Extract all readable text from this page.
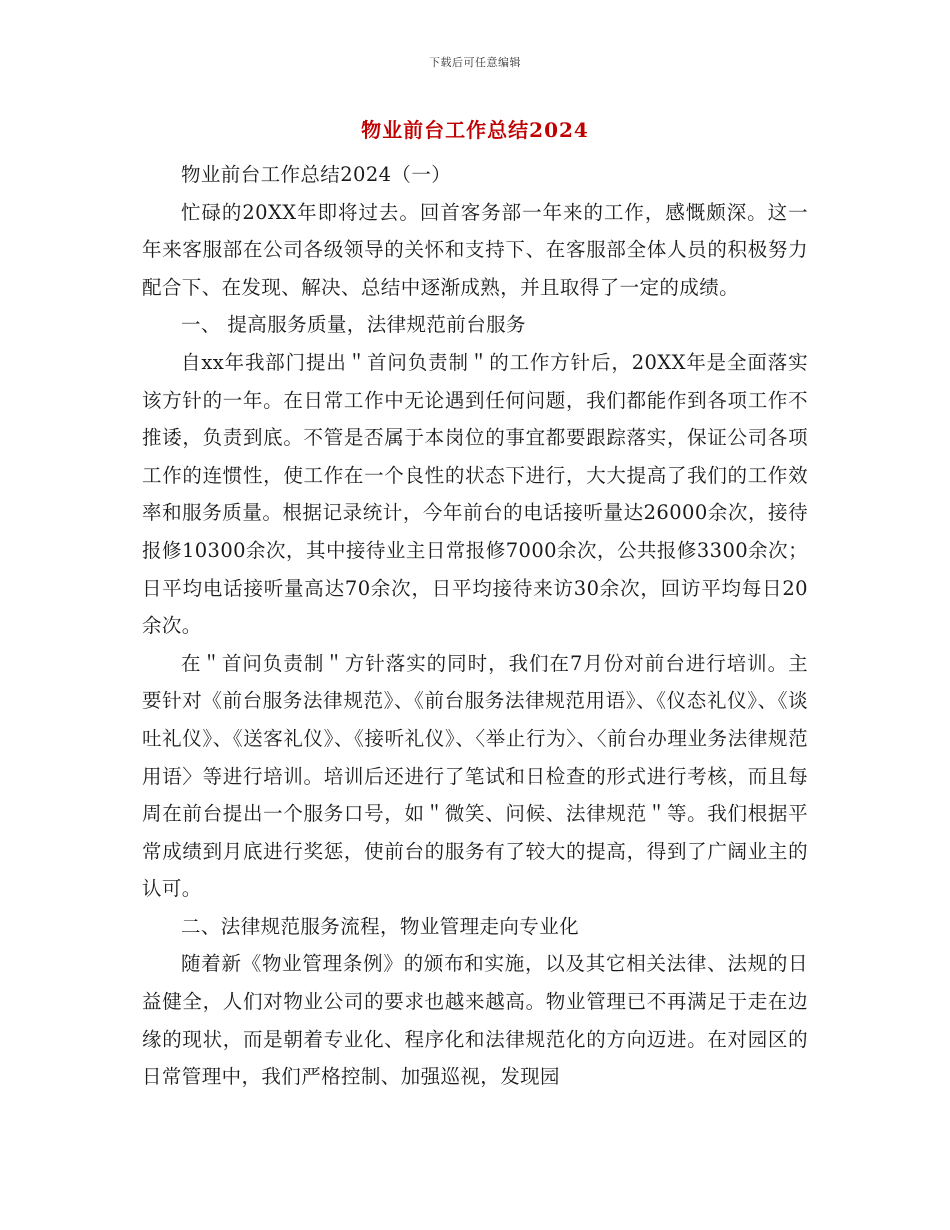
下载后可任意编辑
物业前台工作总结2024

物业前台工作总结2024（一）

忙碌的20XX年即将过去。回首客务部一年来的工作，感慨颇深。这一年来客服部在公司各级领导的关怀和支持下、在客服部全体人员的积极努力配合下、在发现、解决、总结中逐渐成熟，并且取得了一定的成绩。

一、 提高服务质量，法律规范前台服务

自xx年我部门提出＂首问负责制＂的工作方针后，20XX年是全面落实该方针的一年。在日常工作中无论遇到任何问题，我们都能作到各项工作不推诿，负责到底。不管是否属于本岗位的事宜都要跟踪落实，保证公司各项工作的连惯性，使工作在一个良性的状态下进行，大大提高了我们的工作效率和服务质量。根据记录统计，今年前台的电话接听量达26000余次，接待报修10300余次，其中接待业主日常报修7000余次，公共报修3300余次；日平均电话接听量高达70余次，日平均接待来访30余次，回访平均每日20余次。

在＂首问负责制＂方针落实的同时，我们在7月份对前台进行培训。主要针对《前台服务法律规范》、《前台服务法律规范用语》、《仪态礼仪》、《谈吐礼仪》、《送客礼仪》、《接听礼仪》、〈举止行为〉、〈前台办理业务法律规范用语〉等进行培训。培训后还进行了笔试和日检查的形式进行考核，而且每周在前台提出一个服务口号，如＂微笑、问候、法律规范＂等。我们根据平常成绩到月底进行奖惩，使前台的服务有了较大的提高，得到了广阔业主的认可。

二、法律规范服务流程，物业管理走向专业化

随着新《物业管理条例》的颁布和实施，以及其它相关法律、法规的日益健全，人们对物业公司的要求也越来越高。物业管理已不再满足于走在边缘的现状，而是朝着专业化、程序化和法律规范化的方向迈进。在对园区的日常管理中，我们严格控制、加强巡视，发现园
